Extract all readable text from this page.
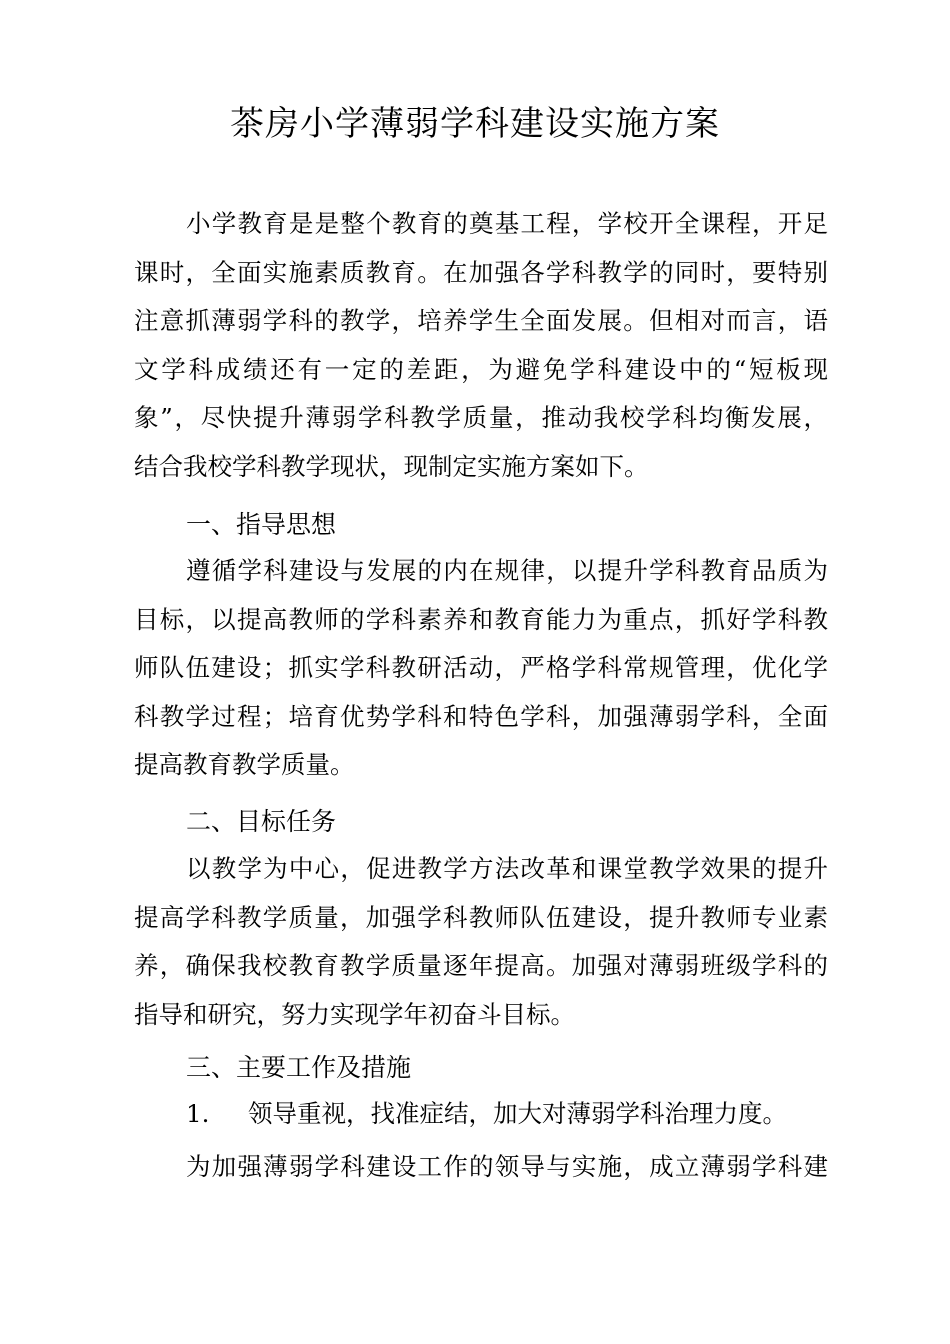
茶房小学薄弱学科建设实施方案
小学教育是是整个教育的奠基工程，学校开全课程，开足
课时，全面实施素质教育。在加强各学科教学的同时，要特别
注意抓薄弱学科的教学，培养学生全面发展。但相对而言，语
文学科成绩还有一定的差距，为避免学科建设中的“短板现
象”，尽快提升薄弱学科教学质量，推动我校学科均衡发展，
结合我校学科教学现状，现制定实施方案如下。
一、指导思想
遵循学科建设与发展的内在规律，以提升学科教育品质为
目标，以提高教师的学科素养和教育能力为重点，抓好学科教
师队伍建设；抓实学科教研活动，严格学科常规管理，优化学
科教学过程；培育优势学科和特色学科，加强薄弱学科，全面
提高教育教学质量。
二、目标任务
以教学为中心，促进教学方法改革和课堂教学效果的提升
提高学科教学质量，加强学科教师队伍建设，提升教师专业素
养，确保我校教育教学质量逐年提高。加强对薄弱班级学科的
指导和研究，努力实现学年初奋斗目标。
三、主要工作及措施
1. 领导重视，找准症结，加大对薄弱学科治理力度。
为加强薄弱学科建设工作的领导与实施，成立薄弱学科建
